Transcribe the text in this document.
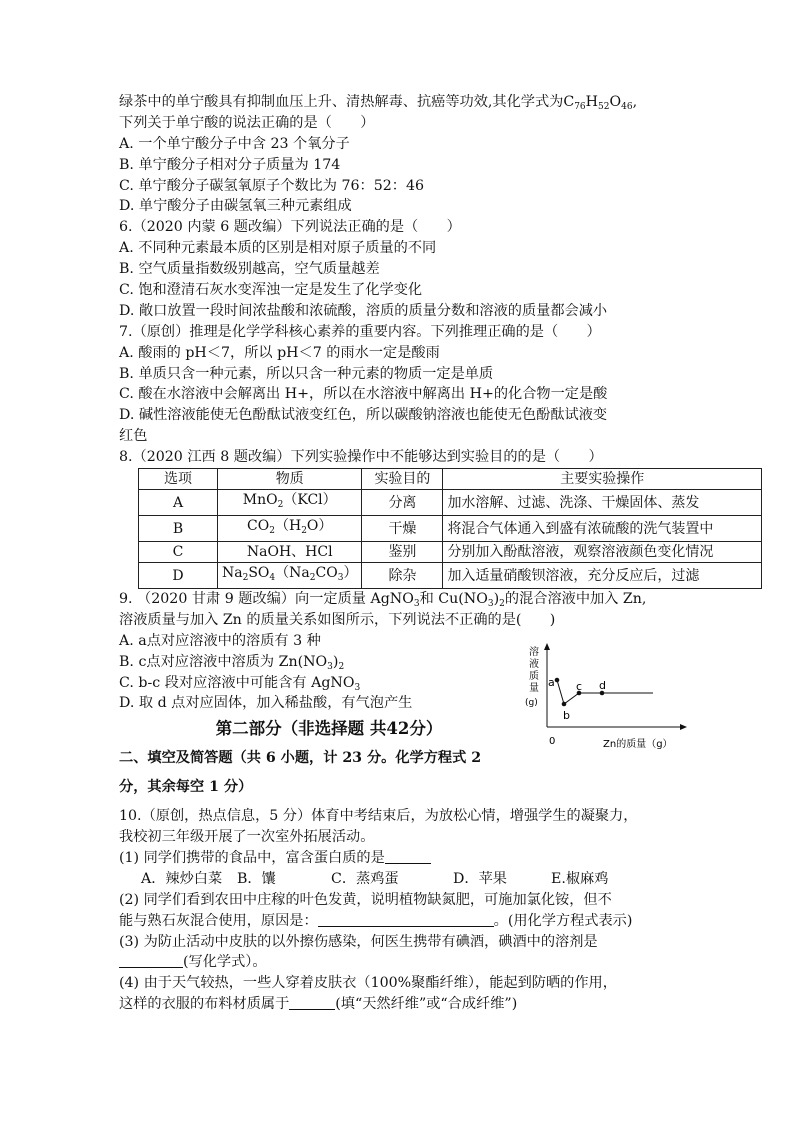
绿茶中的单宁酸具有抑制血压上升、清热解毒、抗癌等功效,其化学式为$C_{76}H_{52}O_{46}$,
下列关于单宁酸的说法正确的是（　　）
A. 一个单宁酸分子中含 23 个氧分子
B. 单宁酸分子相对分子质量为 174
C. 单宁酸分子碳氢氧原子个数比为 76：52：46
D. 单宁酸分子由碳氢氧三种元素组成
6.（2020 内蒙 6 题改编）下列说法正确的是（　　）
A. 不同种元素最本质的区别是相对原子质量的不同
B. 空气质量指数级别越高，空气质量越差
C. 饱和澄清石灰水变浑浊一定是发生了化学变化
D. 敞口放置一段时间浓盐酸和浓硫酸，溶质的质量分数和溶液的质量都会减小
7.（原创）推理是化学学科核心素养的重要内容。下列推理正确的是（　　）
A. 酸雨的 pH＜7，所以 pH＜7 的雨水一定是酸雨
B. 单质只含一种元素，所以只含一种元素的物质一定是单质
C. 酸在水溶液中会解离出 H+，所以在水溶液中解离出 H+的化合物一定是酸
D. 碱性溶液能使无色酚酞试液变红色，所以碳酸钠溶液也能使无色酚酞试液变
红色
8.（2020 江西 8 题改编）下列实验操作中不能够达到实验目的的是（　　）
选项	物质	实验目的	主要实验操作
A	MnO$_2$（KCl）	分离	加水溶解、过滤、洗涤、干燥固体、蒸发
B	$CO_2(H_2O)$	干燥	将混合气体通入到盛有浓硫酸的洗气装置中
C	NaOH、HCl	鉴别	分别加入酚酞溶液，观察溶液颜色变化情况
D	$Na_2SO_4(Na_2CO_3)$	除杂	加入适量硝酸钡溶液，充分反应后，过滤
9. （2020 甘肃 9 题改编）向一定质量 AgNO$_3$和 $Cu(NO_3)_2$的混合溶液中加入 Zn,
溶液质量与加入 Zn 的质量关系如图所示，下列说法不正确的是(　　)
A. a点对应溶液中的溶质有 3 种
B. c点对应溶液中溶质为 $Zn(NO_3)_2$
C. b-c 段对应溶液中可能含有 AgNO$_3$
D. 取 d 点对应固体，加入稀盐酸，有气泡产生
第二部分（非选择题 共42分）
二、填空及简答题（共 6 小题，计 23 分。化学方程式 2
分，其余每空 1 分）
10.（原创，热点信息，5 分）体育中考结束后，为放松心情，增强学生的凝聚力，
我校初三年级开展了一次室外拓展活动。
(1) 同学们携带的食品中，富含蛋白质的是
A．辣炒白菜 B．馕	C．蒸鸡蛋	D．苹果	E.椒麻鸡
(2) 同学们看到农田中庄稼的叶色发黄，说明植物缺氮肥，可施加氯化铵，但不
能与熟石灰混合使用，原因是：	。(用化学方程式表示)
(3) 为防止活动中皮肤的以外擦伤感染，何医生携带有碘酒，碘酒中的溶剂是
(写化学式）。
(4) 由于天气较热，一些人穿着皮肤衣（100%聚酯纤维），能起到防晒的作用，
这样的衣服的布料材质属于	(填“天然纤维”或“合成纤维”)
溶
液
质
量
(g)
0	Zn的质量（g）
a
b
c d
